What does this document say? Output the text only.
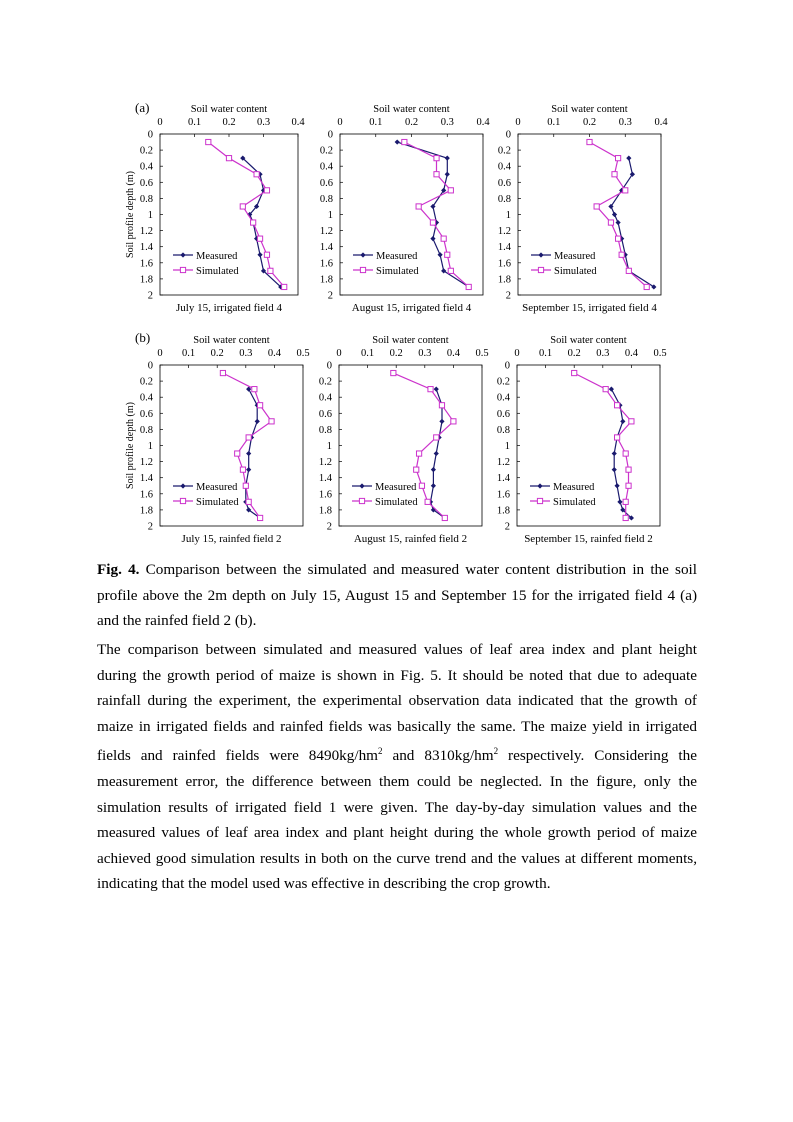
(a)
(b)
Soil water content
0 0.1 0.2 0.3 0.4
0
0.2
0.4
0.6
0.8
1
1.2
1.4
1.6
1.8
2
Soil profile depth (m)	Measured
Simulated
July 15, irrigated field 4
Soil water content
0	0.1 0.2 0.3 0.4
0
0.2
0.4
0.6
0.8
1
1.2
1.4
1.6
1.8
2
Measured
Simulated
August 15, irrigated field 4
Soil water content
0	0.1 0.2 0.3 0.4
0
0.2
0.4
0.6
0.8
1
1.2
1.4
1.6
1.8
2
Measured
Simulated
September 15, irrigated field 4
Soil water content
0 0.1 0.2 0.3 0.4 0.5
0
0.2
0.4
0.6
0.8
1
1.2
1.4
1.6
1.8
2
Soil profile depth (m)	Measured
Simulated
July 15, rainfed field 2
Soil water content
0 0.1 0.2 0.3 0.4 0.5
0
0.2
0.4
0.6
0.8
1
1.2
1.4
1.6
1.8
2
Measured
Simulated
August 15, rainfed field 2
Soil water content
0 0.1 0.2 0.3 0.4 0.5
0
0.2
0.4
0.6
0.8
1
1.2
1.4
1.6
1.8
2
Measured
Simulated
September 15, rainfed field 2

Fig. 4. Comparison between the simulated and measured water content distribution in the soil profile above the 2m depth on July 15, August 15 and September 15 for the irrigated field 4 (a) and the rainfed field 2 (b).

The comparison between simulated and measured values of leaf area index and plant height during the growth period of maize is shown in Fig. 5. It should be noted that due to adequate rainfall during the experiment, the experimental observation data indicated that the growth of maize in irrigated fields and rainfed fields was basically the same. The maize yield in irrigated fields and rainfed fields were $8490kg/hm^2$ and $8310kg/hm^2$ respectively. Considering the measurement error, the difference between them could be neglected. In the figure, only the simulation results of irrigated field 1 were given. The day-by-day simulation values and the measured values of leaf area index and plant height during the whole growth period of maize achieved good simulation results in both on the curve trend and the values at different moments, indicating that the model used was effective in describing the crop growth.
